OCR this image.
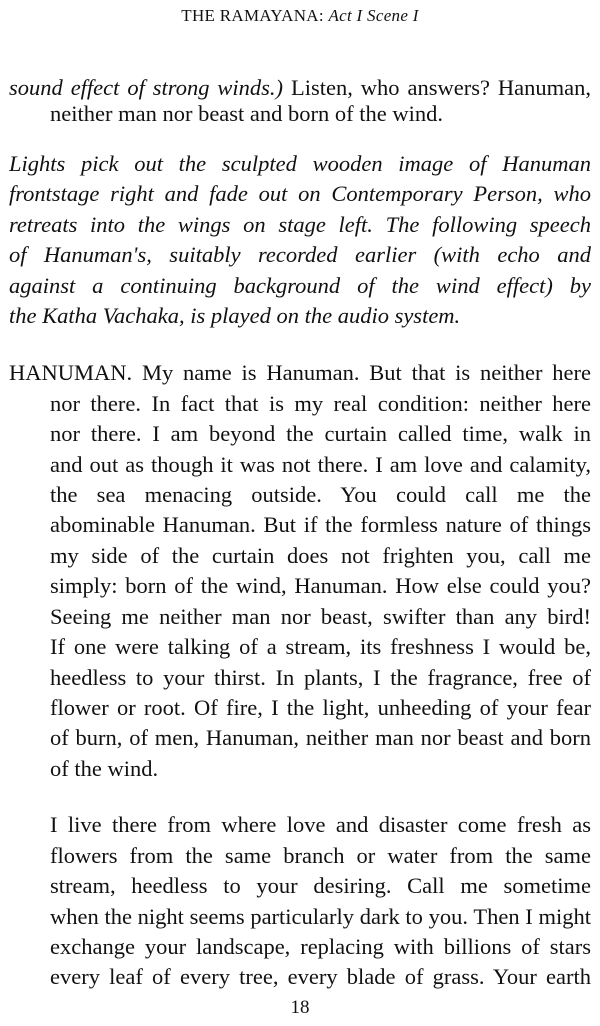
THE RAMAYANA: Act I Scene I
sound effect of strong winds.) Listen, who answers? Hanuman,
neither man nor beast and born of the wind.
Lights pick out the sculpted wooden image of Hanuman
frontstage right and fade out on Contemporary Person, who
retreats into the wings on stage left. The following speech
of Hanuman's, suitably recorded earlier (with echo and
against a continuing background of the wind effect) by
the Katha Vachaka, is played on the audio system.
HANUMAN. My name is Hanuman. But that is neither here
nor there. In fact that is my real condition: neither here
nor there. I am beyond the curtain called time, walk in
and out as though it was not there. I am love and calamity,
the sea menacing outside. You could call me the
abominable Hanuman. But if the formless nature of things
my side of the curtain does not frighten you, call me
simply: born of the wind, Hanuman. How else could you?
Seeing me neither man nor beast, swifter than any bird!
If one were talking of a stream, its freshness I would be,
heedless to your thirst. In plants, I the fragrance, free of
flower or root. Of fire, I the light, unheeding of your fear
of burn, of men, Hanuman, neither man nor beast and born
of the wind.
I live there from where love and disaster come fresh as
flowers from the same branch or water from the same
stream, heedless to your desiring. Call me sometime
when the night seems particularly dark to you. Then I might
exchange your landscape, replacing with billions of stars
every leaf of every tree, every blade of grass. Your earth
18
